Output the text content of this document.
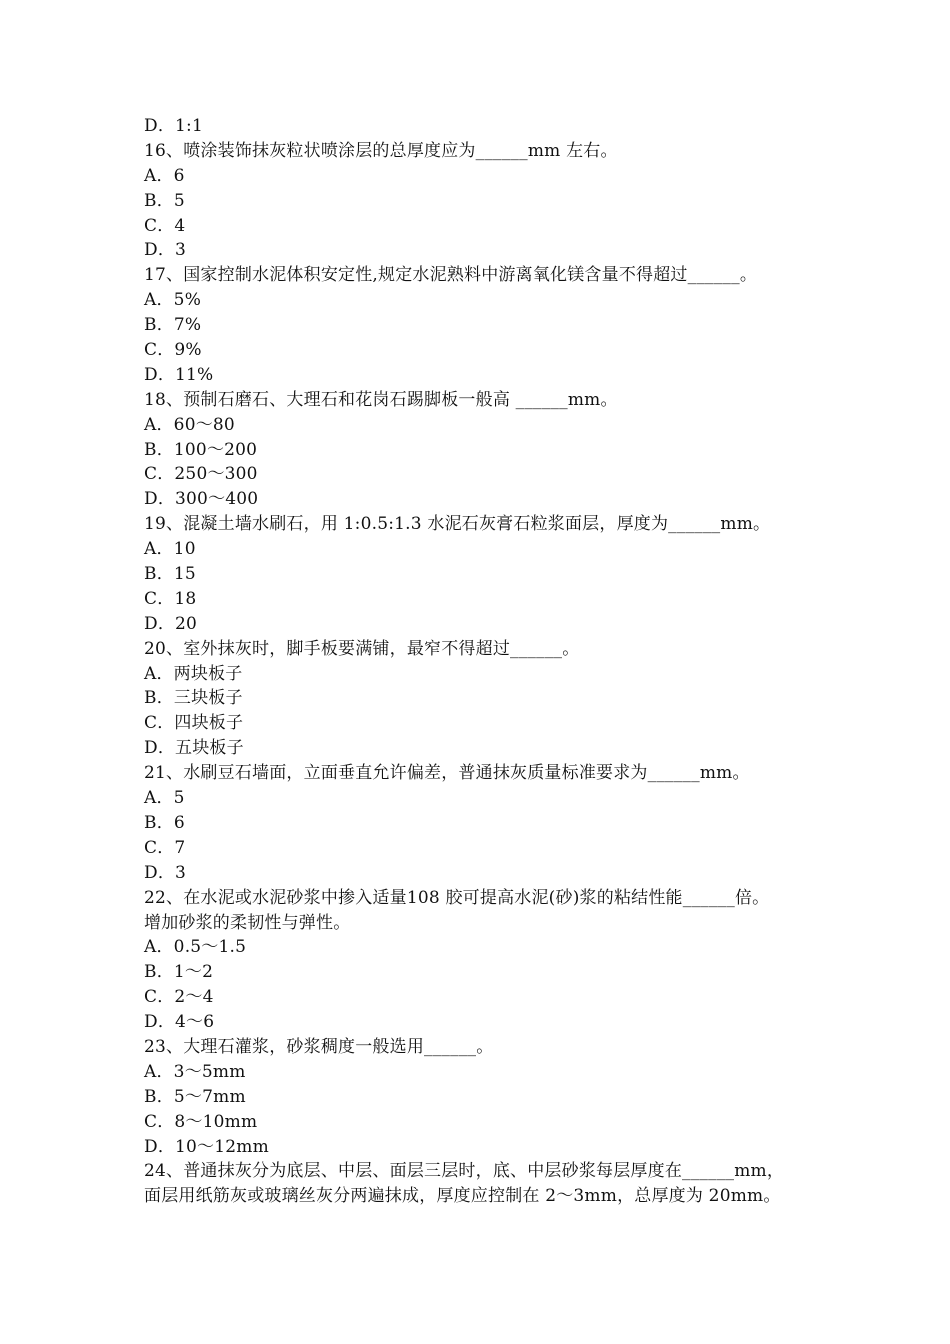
D．1:1
16、喷涂装饰抹灰粒状喷涂层的总厚度应为______mm 左右。
A．6
B．5
C．4
D．3
17、国家控制水泥体积安定性,规定水泥熟料中游离氧化镁含量不得超过______。
A．5%
B．7%
C．9%
D．11%
18、预制石磨石、大理石和花岗石踢脚板一般高 ______mm。
A．60～80
B．100～200
C．250～300
D．300～400
19、混凝土墙水刷石，用 1:0.5:1.3 水泥石灰膏石粒浆面层，厚度为______mm。
A．10
B．15
C．18
D．20
20、室外抹灰时，脚手板要满铺，最窄不得超过______。
A．两块板子
B．三块板子
C．四块板子
D．五块板子
21、水刷豆石墙面，立面垂直允许偏差，普通抹灰质量标准要求为______mm。
A．5
B．6
C．7
D．3
22、在水泥或水泥砂浆中掺入适量108 胶可提高水泥(砂)浆的粘结性能______倍。
增加砂浆的柔韧性与弹性。
A．0.5～1.5
B．1～2
C．2～4
D．4～6
23、大理石灌浆，砂浆稠度一般选用______。
A．3～5mm
B．5～7mm
C．8～10mm
D．10～12mm
24、普通抹灰分为底层、中层、面层三层时，底、中层砂浆每层厚度在______mm，
面层用纸筋灰或玻璃丝灰分两遍抹成，厚度应控制在 2～3mm，总厚度为 20mm。
